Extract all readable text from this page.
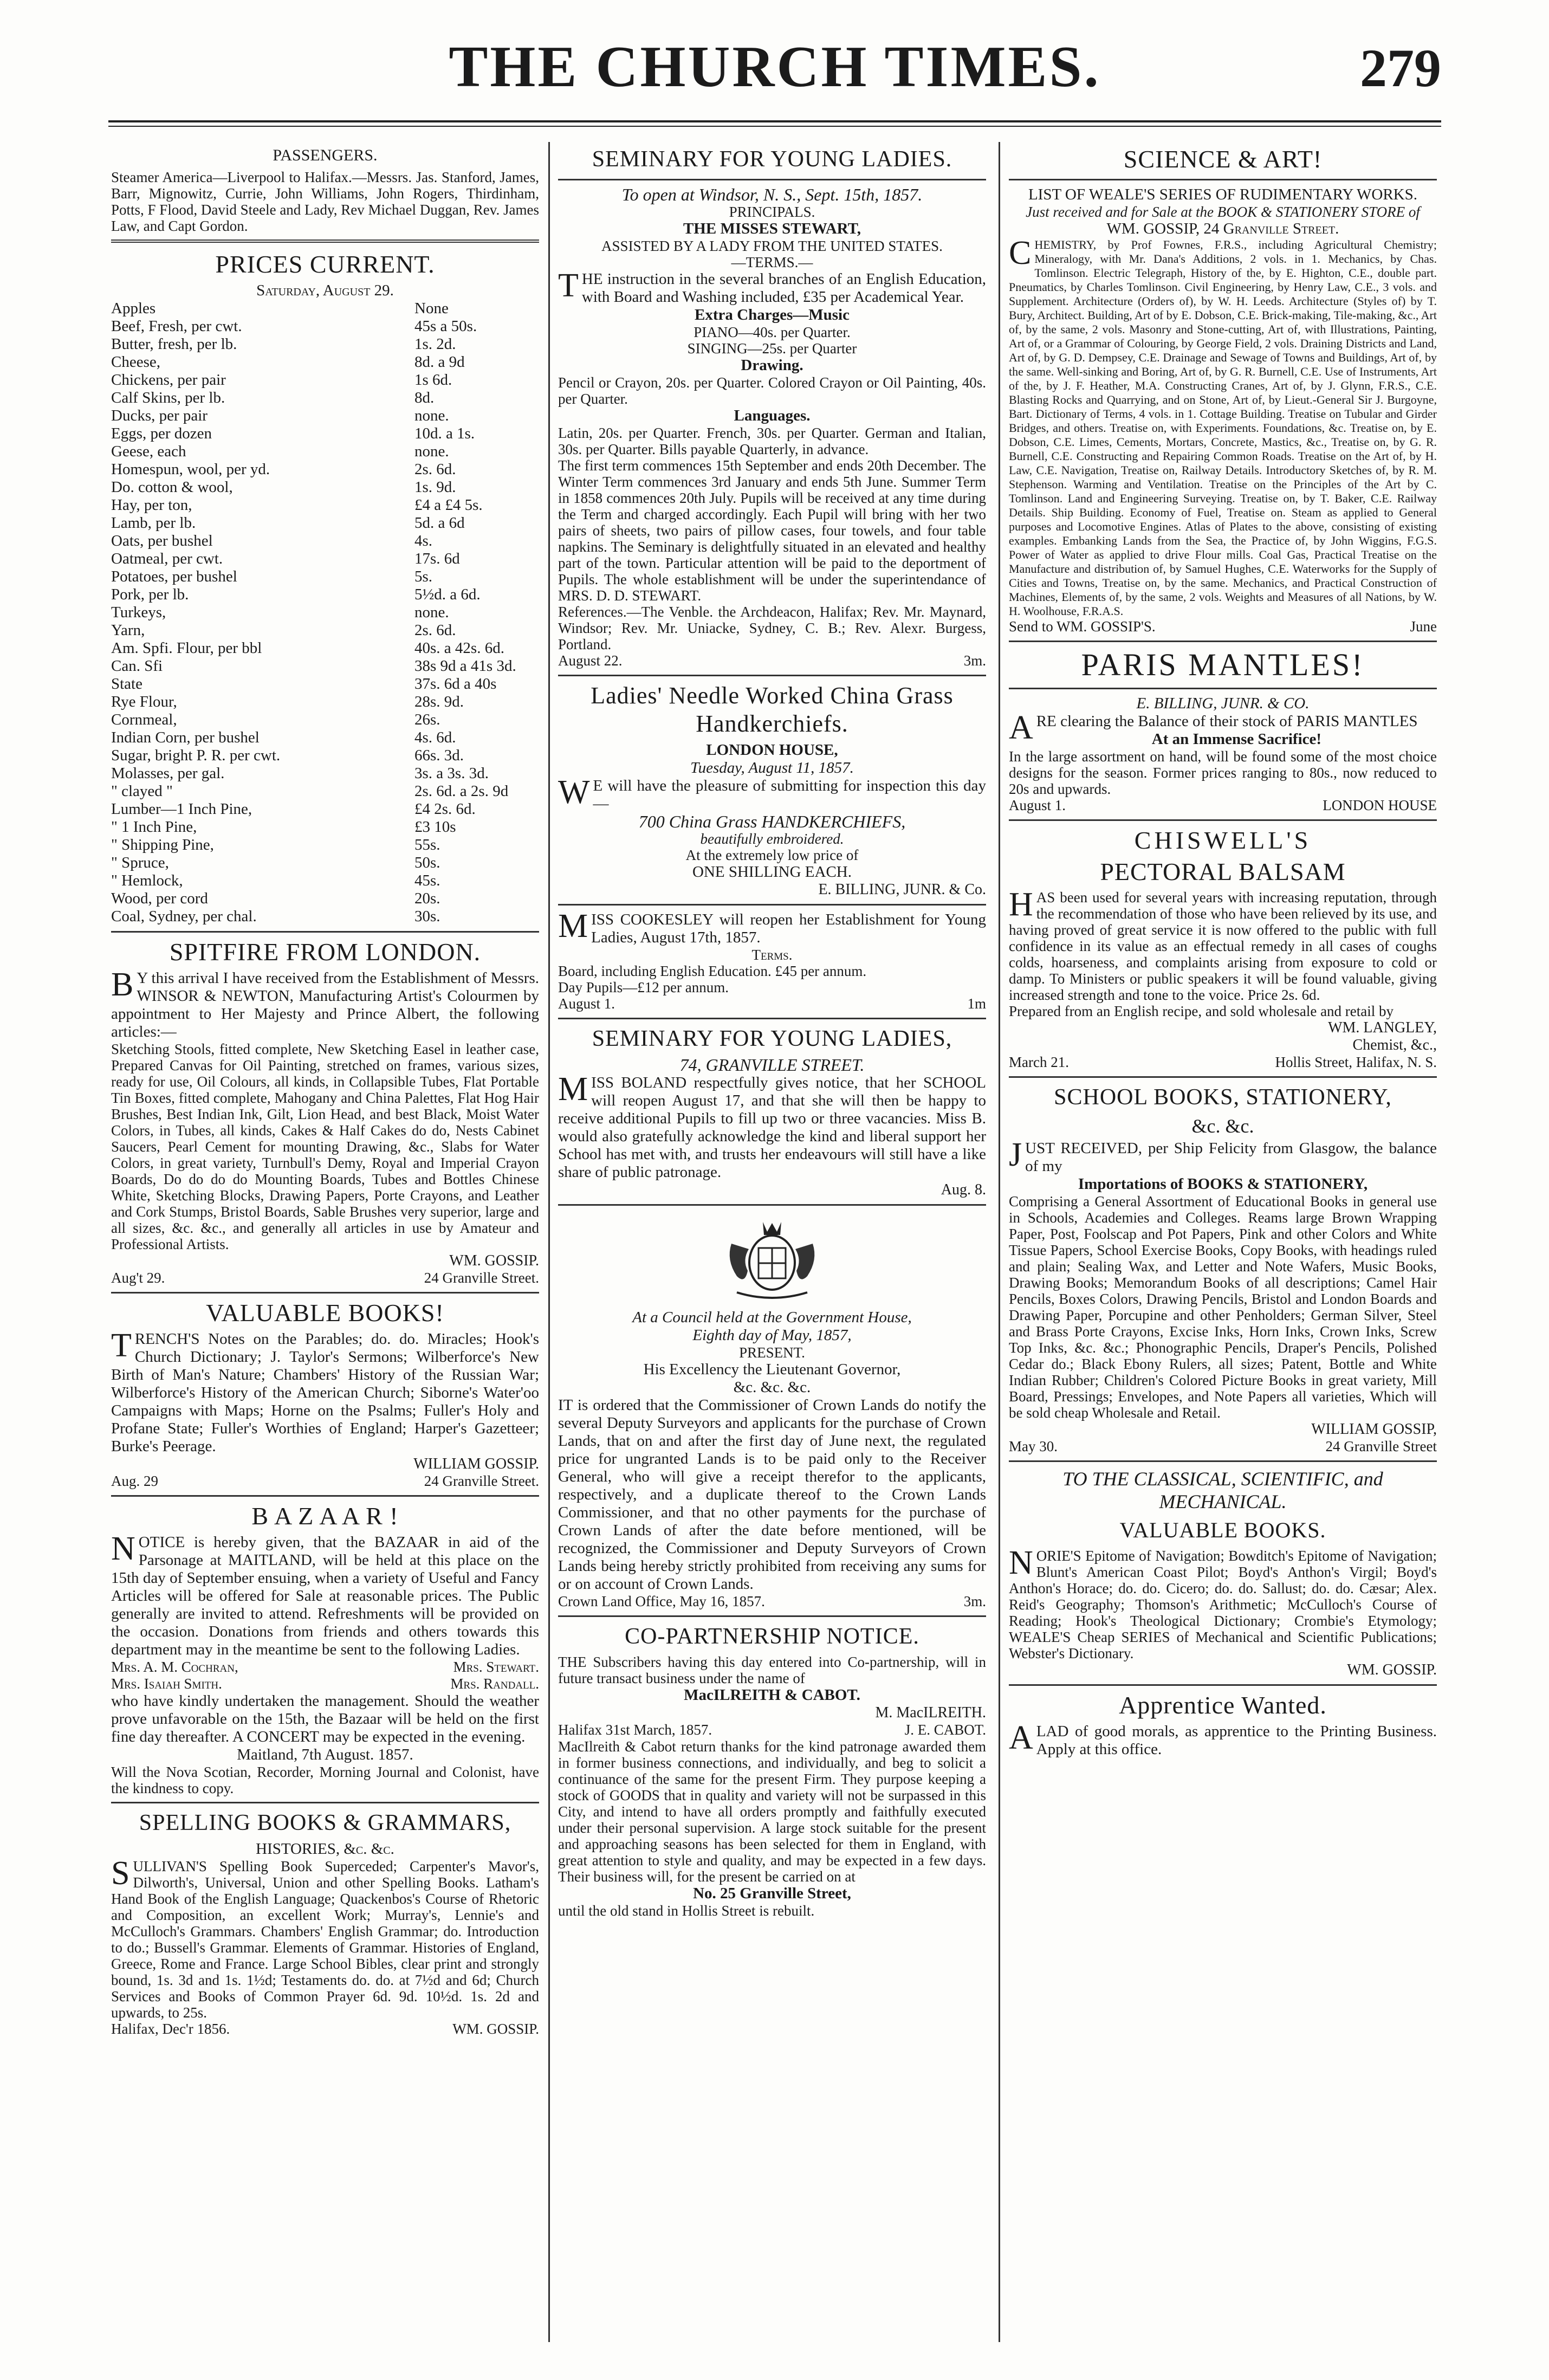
THE CHURCH TIMES.	279
PASSENGERS.

Steamer America—Liverpool to Halifax.—Messrs. Jas. Stanford, James, Barr, Mignowitz, Currie, John Williams, John Rogers, Thirdinham, Potts, F Flood, David Steele and Lady, Rev Michael Duggan, Rev. James Law, and Capt Gordon.

PRICES CURRENT.

Saturday, August 29.

Apples	None
Beef, Fresh, per cwt.	45s a 50s.
Butter, fresh, per lb.	1s. 2d.
Cheese,	8d. a 9d
Chickens, per pair	1s 6d.
Calf Skins, per lb.	8d.
Ducks, per pair	none.
Eggs, per dozen	10d. a 1s.
Geese, each	none.
Homespun, wool, per yd.	2s. 6d.
Do. cotton & wool,	1s. 9d.
Hay, per ton,	£4 a £4 5s.
Lamb, per lb.	5d. a 6d
Oats, per bushel	4s.
Oatmeal, per cwt.	17s. 6d
Potatoes, per bushel	5s.
Pork, per lb.	5½d. a 6d.
Turkeys,	none.
Yarn,	2s. 6d.
Am. Spfi. Flour, per bbl	40s. a 42s. 6d.
Can. Sfi	38s 9d a 41s 3d.
State	37s. 6d a 40s
Rye Flour,	28s. 9d.
Cornmeal,	26s.
Indian Corn, per bushel	4s. 6d.
Sugar, bright P. R. per cwt.	66s. 3d.
Molasses, per gal.	3s. a 3s. 3d.
" clayed "	2s. 6d. a 2s. 9d
Lumber—1 Inch Pine,	£4 2s. 6d.
" 1 Inch Pine,	£3 10s
" Shipping Pine,	55s.
" Spruce,	50s.
" Hemlock,	45s.
Wood, per cord	20s.
Coal, Sydney, per chal.	30s.
SPITFIRE FROM LONDON.

BY this arrival I have received from the Establishment of Messrs. WINSOR & NEWTON, Manufacturing Artist's Colourmen by appointment to Her Majesty and Prince Albert, the following articles:—

Sketching Stools, fitted complete, New Sketching Easel in leather case, Prepared Canvas for Oil Painting, stretched on frames, various sizes, ready for use, Oil Colours, all kinds, in Collapsible Tubes, Flat Portable Tin Boxes, fitted complete, Mahogany and China Palettes, Flat Hog Hair Brushes, Best Indian Ink, Gilt, Lion Head, and best Black, Moist Water Colors, in Tubes, all kinds, Cakes & Half Cakes do do, Nests Cabinet Saucers, Pearl Cement for mounting Drawing, &c., Slabs for Water Colors, in great variety, Turnbull's Demy, Royal and Imperial Crayon Boards, Do do do do Mounting Boards, Tubes and Bottles Chinese White, Sketching Blocks, Drawing Papers, Porte Crayons, and Leather and Cork Stumps, Bristol Boards, Sable Brushes very superior, large and all sizes, &c. &c., and generally all articles in use by Amateur and Professional Artists.

WM. GOSSIP.
Aug't 29.	24 Granville Street.
VALUABLE BOOKS!

TRENCH'S Notes on the Parables; do. do. Miracles; Hook's Church Dictionary; J. Taylor's Sermons; Wilberforce's New Birth of Man's Nature; Chambers' History of the Russian War; Wilberforce's History of the American Church; Siborne's Water'oo Campaigns with Maps; Horne on the Psalms; Fuller's Holy and Profane State; Fuller's Worthies of England; Harper's Gazetteer; Burke's Peerage.

WILLIAM GOSSIP.
Aug. 29	24 Granville Street.
B A Z A A R !

NOTICE is hereby given, that the BAZAAR in aid of the Parsonage at MAITLAND, will be held at this place on the 15th day of September ensuing, when a variety of Useful and Fancy Articles will be offered for Sale at reasonable prices. The Public generally are invited to attend. Refreshments will be provided on the occasion. Donations from friends and others towards this department may in the meantime be sent to the following Ladies.

Mrs. A. M. Cochran,	Mrs. Stewart.
Mrs. Isaiah Smith.	Mrs. Randall.

who have kindly undertaken the management. Should the weather prove unfavorable on the 15th, the Bazaar will be held on the first fine day thereafter. A CONCERT may be expected in the evening.

Maitland, 7th August. 1857.

Will the Nova Scotian, Recorder, Morning Journal and Colonist, have the kindness to copy.

SPELLING BOOKS & GRAMMARS,

HISTORIES, &c. &c.

SULLIVAN'S Spelling Book Superceded; Carpenter's Mavor's, Dilworth's, Universal, Union and other Spelling Books. Latham's Hand Book of the English Language; Quackenbos's Course of Rhetoric and Composition, an excellent Work; Murray's, Lennie's and McCulloch's Grammars. Chambers' English Grammar; do. Introduction to do.; Bussell's Grammar. Elements of Grammar. Histories of England, Greece, Rome and France. Large School Bibles, clear print and strongly bound, 1s. 3d and 1s. 1½d; Testaments do. do. at 7½d and 6d; Church Services and Books of Common Prayer 6d. 9d. 10½d. 1s. 2d and upwards, to 25s.

Halifax, Dec'r 1856.	WM. GOSSIP.
SEMINARY FOR YOUNG LADIES.

To open at Windsor, N. S., Sept. 15th, 1857.

PRINCIPALS.

THE MISSES STEWART,

ASSISTED BY A LADY FROM THE UNITED STATES.

—TERMS.—

THE instruction in the several branches of an English Education, with Board and Washing included, £35 per Academical Year.

Extra Charges—Music

PIANO—40s. per Quarter.

SINGING—25s. per Quarter

Drawing.

Pencil or Crayon, 20s. per Quarter. Colored Crayon or Oil Painting, 40s. per Quarter.

Languages.

Latin, 20s. per Quarter. French, 30s. per Quarter. German and Italian, 30s. per Quarter. Bills payable Quarterly, in advance.

The first term commences 15th September and ends 20th December. The Winter Term commences 3rd January and ends 5th June. Summer Term in 1858 commences 20th July. Pupils will be received at any time during the Term and charged accordingly. Each Pupil will bring with her two pairs of sheets, two pairs of pillow cases, four towels, and four table napkins. The Seminary is delightfully situated in an elevated and healthy part of the town. Particular attention will be paid to the deportment of Pupils. The whole establishment will be under the superintendance of MRS. D. D. STEWART.

References.—The Venble. the Archdeacon, Halifax; Rev. Mr. Maynard, Windsor; Rev. Mr. Uniacke, Sydney, C. B.; Rev. Alexr. Burgess, Portland.

August 22.	3m.
Ladies' Needle Worked China Grass Handkerchiefs.

LONDON HOUSE,

Tuesday, August 11, 1857.

WE will have the pleasure of submitting for inspection this day—

700 China Grass HANDKERCHIEFS,

beautifully embroidered.

At the extremely low price of

ONE SHILLING EACH.

E. BILLING, JUNR. & Co.

MISS COOKESLEY will reopen her Establishment for Young Ladies, August 17th, 1857.

Terms.

Board, including English Education. £45 per annum.

Day Pupils—£12 per annum.

August 1.	1m
SEMINARY FOR YOUNG LADIES,

74, GRANVILLE STREET.

MISS BOLAND respectfully gives notice, that her SCHOOL will reopen August 17, and that she will then be happy to receive additional Pupils to fill up two or three vacancies. Miss B. would also gratefully acknowledge the kind and liberal support her School has met with, and trusts her endeavours will still have a like share of public patronage.

Aug. 8.

At a Council held at the Government House,

Eighth day of May, 1857,

PRESENT.

His Excellency the Lieutenant Governor,

&c. &c. &c.

IT is ordered that the Commissioner of Crown Lands do notify the several Deputy Surveyors and applicants for the purchase of Crown Lands, that on and after the first day of June next, the regulated price for ungranted Lands is to be paid only to the Receiver General, who will give a receipt therefor to the applicants, respectively, and a duplicate thereof to the Crown Lands Commissioner, and that no other payments for the purchase of Crown Lands of after the date before mentioned, will be recognized, the Commissioner and Deputy Surveyors of Crown Lands being hereby strictly prohibited from receiving any sums for or on account of Crown Lands.

Crown Land Office, May 16, 1857.	3m.
CO-PARTNERSHIP NOTICE.

THE Subscribers having this day entered into Co-partnership, will in future transact business under the name of

MacILREITH & CABOT.

M. MacILREITH.
Halifax 31st March, 1857.	J. E. CABOT.

MacIlreith & Cabot return thanks for the kind patronage awarded them in former business connections, and individually, and beg to solicit a continuance of the same for the present Firm. They purpose keeping a stock of GOODS that in quality and variety will not be surpassed in this City, and intend to have all orders promptly and faithfully executed under their personal supervision. A large stock suitable for the present and approaching seasons has been selected for them in England, with great attention to style and quality, and may be expected in a few days. Their business will, for the present be carried on at

No. 25 Granville Street,

until the old stand in Hollis Street is rebuilt.

SCIENCE & ART!

LIST OF WEALE'S SERIES OF RUDIMENTARY WORKS.

Just received and for Sale at the BOOK & STATIONERY STORE of

WM. GOSSIP, 24 Granville Street.

CHEMISTRY, by Prof Fownes, F.R.S., including Agricultural Chemistry; Mineralogy, with Mr. Dana's Additions, 2 vols. in 1. Mechanics, by Chas. Tomlinson. Electric Telegraph, History of the, by E. Highton, C.E., double part. Pneumatics, by Charles Tomlinson. Civil Engineering, by Henry Law, C.E., 3 vols. and Supplement. Architecture (Orders of), by W. H. Leeds. Architecture (Styles of) by T. Bury, Architect. Building, Art of by E. Dobson, C.E. Brick-making, Tile-making, &c., Art of, by the same, 2 vols. Masonry and Stone-cutting, Art of, with Illustrations, Painting, Art of, or a Grammar of Colouring, by George Field, 2 vols. Draining Districts and Land, Art of, by G. D. Dempsey, C.E. Drainage and Sewage of Towns and Buildings, Art of, by the same. Well-sinking and Boring, Art of, by G. R. Burnell, C.E. Use of Instruments, Art of the, by J. F. Heather, M.A. Constructing Cranes, Art of, by J. Glynn, F.R.S., C.E. Blasting Rocks and Quarrying, and on Stone, Art of, by Lieut.-General Sir J. Burgoyne, Bart. Dictionary of Terms, 4 vols. in 1. Cottage Building. Treatise on Tubular and Girder Bridges, and others. Treatise on, with Experiments. Foundations, &c. Treatise on, by E. Dobson, C.E. Limes, Cements, Mortars, Concrete, Mastics, &c., Treatise on, by G. R. Burnell, C.E. Constructing and Repairing Common Roads. Treatise on the Art of, by H. Law, C.E. Navigation, Treatise on, Railway Details. Introductory Sketches of, by R. M. Stephenson. Warming and Ventilation. Treatise on the Principles of the Art by C. Tomlinson. Land and Engineering Surveying. Treatise on, by T. Baker, C.E. Railway Details. Ship Building. Economy of Fuel, Treatise on. Steam as applied to General purposes and Locomotive Engines. Atlas of Plates to the above, consisting of existing examples. Embanking Lands from the Sea, the Practice of, by John Wiggins, F.G.S. Power of Water as applied to drive Flour mills. Coal Gas, Practical Treatise on the Manufacture and distribution of, by Samuel Hughes, C.E. Waterworks for the Supply of Cities and Towns, Treatise on, by the same. Mechanics, and Practical Construction of Machines, Elements of, by the same, 2 vols. Weights and Measures of all Nations, by W. H. Woolhouse, F.R.A.S.

Send to WM. GOSSIP'S.	June
PARIS MANTLES!

E. BILLING, JUNR. & CO.

ARE clearing the Balance of their stock of PARIS MANTLES

At an Immense Sacrifice!

In the large assortment on hand, will be found some of the most choice designs for the season. Former prices ranging to 80s., now reduced to 20s and upwards.

August 1.	LONDON HOUSE
CHISWELL'S
PECTORAL BALSAM

HAS been used for several years with increasing reputation, through the recommendation of those who have been relieved by its use, and having proved of great service it is now offered to the public with full confidence in its value as an effectual remedy in all cases of coughs colds, hoarseness, and complaints arising from exposure to cold or damp. To Ministers or public speakers it will be found valuable, giving increased strength and tone to the voice. Price 2s. 6d.

Prepared from an English recipe, and sold wholesale and retail by

WM. LANGLEY,
Chemist, &c.,
March 21.	Hollis Street, Halifax, N. S.
SCHOOL BOOKS, STATIONERY,
&c. &c.

JUST RECEIVED, per Ship Felicity from Glasgow, the balance of my

Importations of BOOKS & STATIONERY,

Comprising a General Assortment of Educational Books in general use in Schools, Academies and Colleges. Reams large Brown Wrapping Paper, Post, Foolscap and Pot Papers, Pink and other Colors and White Tissue Papers, School Exercise Books, Copy Books, with headings ruled and plain; Sealing Wax, and Letter and Note Wafers, Music Books, Drawing Books; Memorandum Books of all descriptions; Camel Hair Pencils, Boxes Colors, Drawing Pencils, Bristol and London Boards and Drawing Paper, Porcupine and other Penholders; German Silver, Steel and Brass Porte Crayons, Excise Inks, Horn Inks, Crown Inks, Screw Top Inks, &c. &c.; Phonographic Pencils, Draper's Pencils, Polished Cedar do.; Black Ebony Rulers, all sizes; Patent, Bottle and White Indian Rubber; Children's Colored Picture Books in great variety, Mill Board, Pressings; Envelopes, and Note Papers all varieties, Which will be sold cheap Wholesale and Retail.

WILLIAM GOSSIP,
May 30.	24 Granville Street
TO THE CLASSICAL, SCIENTIFIC, and MECHANICAL.
VALUABLE BOOKS.

NORIE'S Epitome of Navigation; Bowditch's Epitome of Navigation; Blunt's American Coast Pilot; Boyd's Anthon's Virgil; Boyd's Anthon's Horace; do. do. Cicero; do. do. Sallust; do. do. Cæsar; Alex. Reid's Geography; Thomson's Arithmetic; McCulloch's Course of Reading; Hook's Theological Dictionary; Crombie's Etymology; WEALE'S Cheap SERIES of Mechanical and Scientific Publications; Webster's Dictionary.

WM. GOSSIP.
Apprentice Wanted.

ALAD of good morals, as apprentice to the Printing Business. Apply at this office.
